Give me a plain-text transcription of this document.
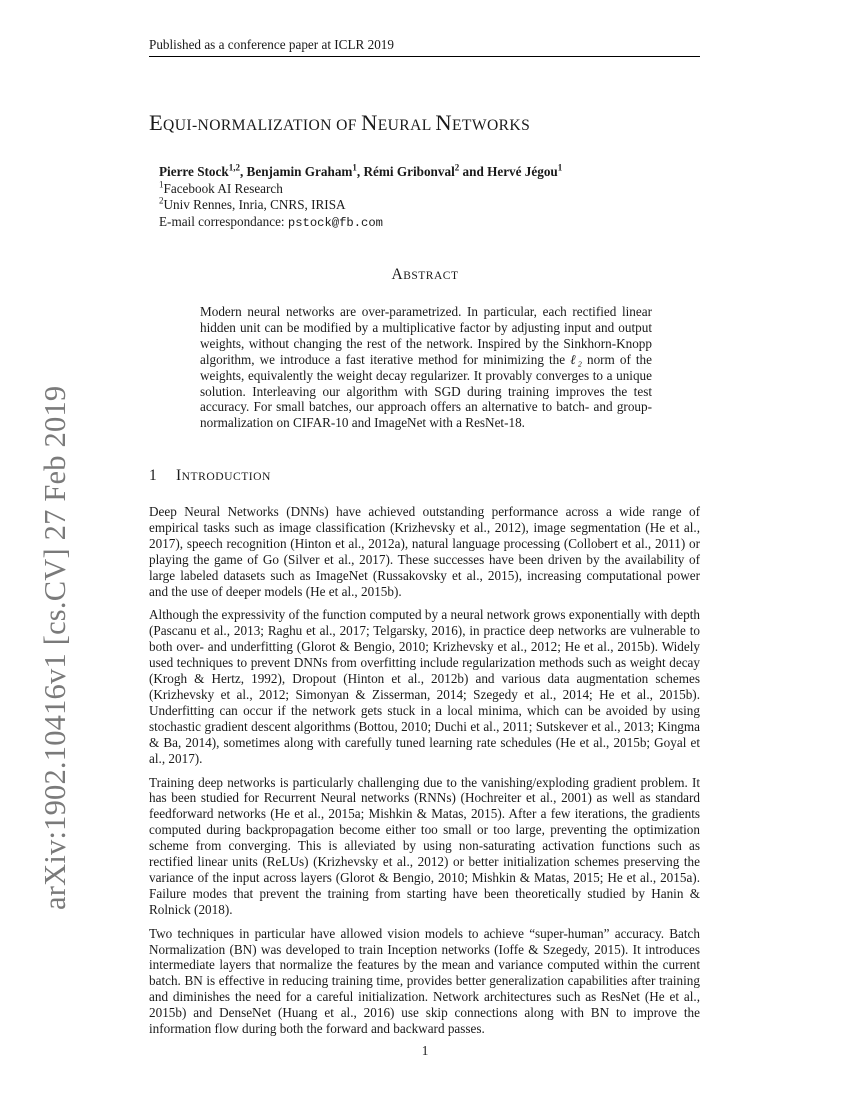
Published as a conference paper at ICLR 2019
arXiv:1902.10416v1 [cs.CV] 27 Feb 2019
EQUI-NORMALIZATION OF NEURAL NETWORKS
Pierre Stock$^{1,2}$, Benjamin Graham$^1$, Rémi Gribonval$^2$ and Hervé Jégou$^1$
$^1$Facebook AI Research
$^2$Univ Rennes, Inria, CNRS, IRISA
E-mail correspondance: pstock@fb.com
ABSTRACT
Modern neural networks are over-parametrized. In particular, each rectified linear hidden unit can be modified by a multiplicative factor by adjusting input and output weights, without changing the rest of the network. Inspired by the Sinkhorn-Knopp algorithm, we introduce a fast iterative method for minimizing the ℓ₂ norm of the weights, equivalently the weight decay regularizer. It provably converges to a unique solution. Interleaving our algorithm with SGD during training improves the test accuracy. For small batches, our approach offers an alternative to batch- and group- normalization on CIFAR-10 and ImageNet with a ResNet-18.
1 INTRODUCTION

Deep Neural Networks (DNNs) have achieved outstanding performance across a wide range of empirical tasks such as image classification (Krizhevsky et al., 2012), image segmentation (He et al., 2017), speech recognition (Hinton et al., 2012a), natural language processing (Collobert et al., 2011) or playing the game of Go (Silver et al., 2017). These successes have been driven by the availability of large labeled datasets such as ImageNet (Russakovsky et al., 2015), increasing computational power and the use of deeper models (He et al., 2015b).

Although the expressivity of the function computed by a neural network grows exponentially with depth (Pascanu et al., 2013; Raghu et al., 2017; Telgarsky, 2016), in practice deep networks are vulnerable to both over- and underfitting (Glorot & Bengio, 2010; Krizhevsky et al., 2012; He et al., 2015b). Widely used techniques to prevent DNNs from overfitting include regularization methods such as weight decay (Krogh & Hertz, 1992), Dropout (Hinton et al., 2012b) and various data augmentation schemes (Krizhevsky et al., 2012; Simonyan & Zisserman, 2014; Szegedy et al., 2014; He et al., 2015b). Underfitting can occur if the network gets stuck in a local minima, which can be avoided by using stochastic gradient descent algorithms (Bottou, 2010; Duchi et al., 2011; Sutskever et al., 2013; Kingma & Ba, 2014), sometimes along with carefully tuned learning rate schedules (He et al., 2015b; Goyal et al., 2017).

Training deep networks is particularly challenging due to the vanishing/exploding gradient problem. It has been studied for Recurrent Neural networks (RNNs) (Hochreiter et al., 2001) as well as standard feedforward networks (He et al., 2015a; Mishkin & Matas, 2015). After a few iterations, the gradients computed during backpropagation become either too small or too large, preventing the optimization scheme from converging. This is alleviated by using non-saturating activation functions such as rectified linear units (ReLUs) (Krizhevsky et al., 2012) or better initialization schemes preserving the variance of the input across layers (Glorot & Bengio, 2010; Mishkin & Matas, 2015; He et al., 2015a). Failure modes that prevent the training from starting have been theoretically studied by Hanin & Rolnick (2018).

Two techniques in particular have allowed vision models to achieve “super-human” accuracy. Batch Normalization (BN) was developed to train Inception networks (Ioffe & Szegedy, 2015). It introduces intermediate layers that normalize the features by the mean and variance computed within the current batch. BN is effective in reducing training time, provides better generalization capabilities after training and diminishes the need for a careful initialization. Network architectures such as ResNet (He et al., 2015b) and DenseNet (Huang et al., 2016) use skip connections along with BN to improve the information flow during both the forward and backward passes.

1
